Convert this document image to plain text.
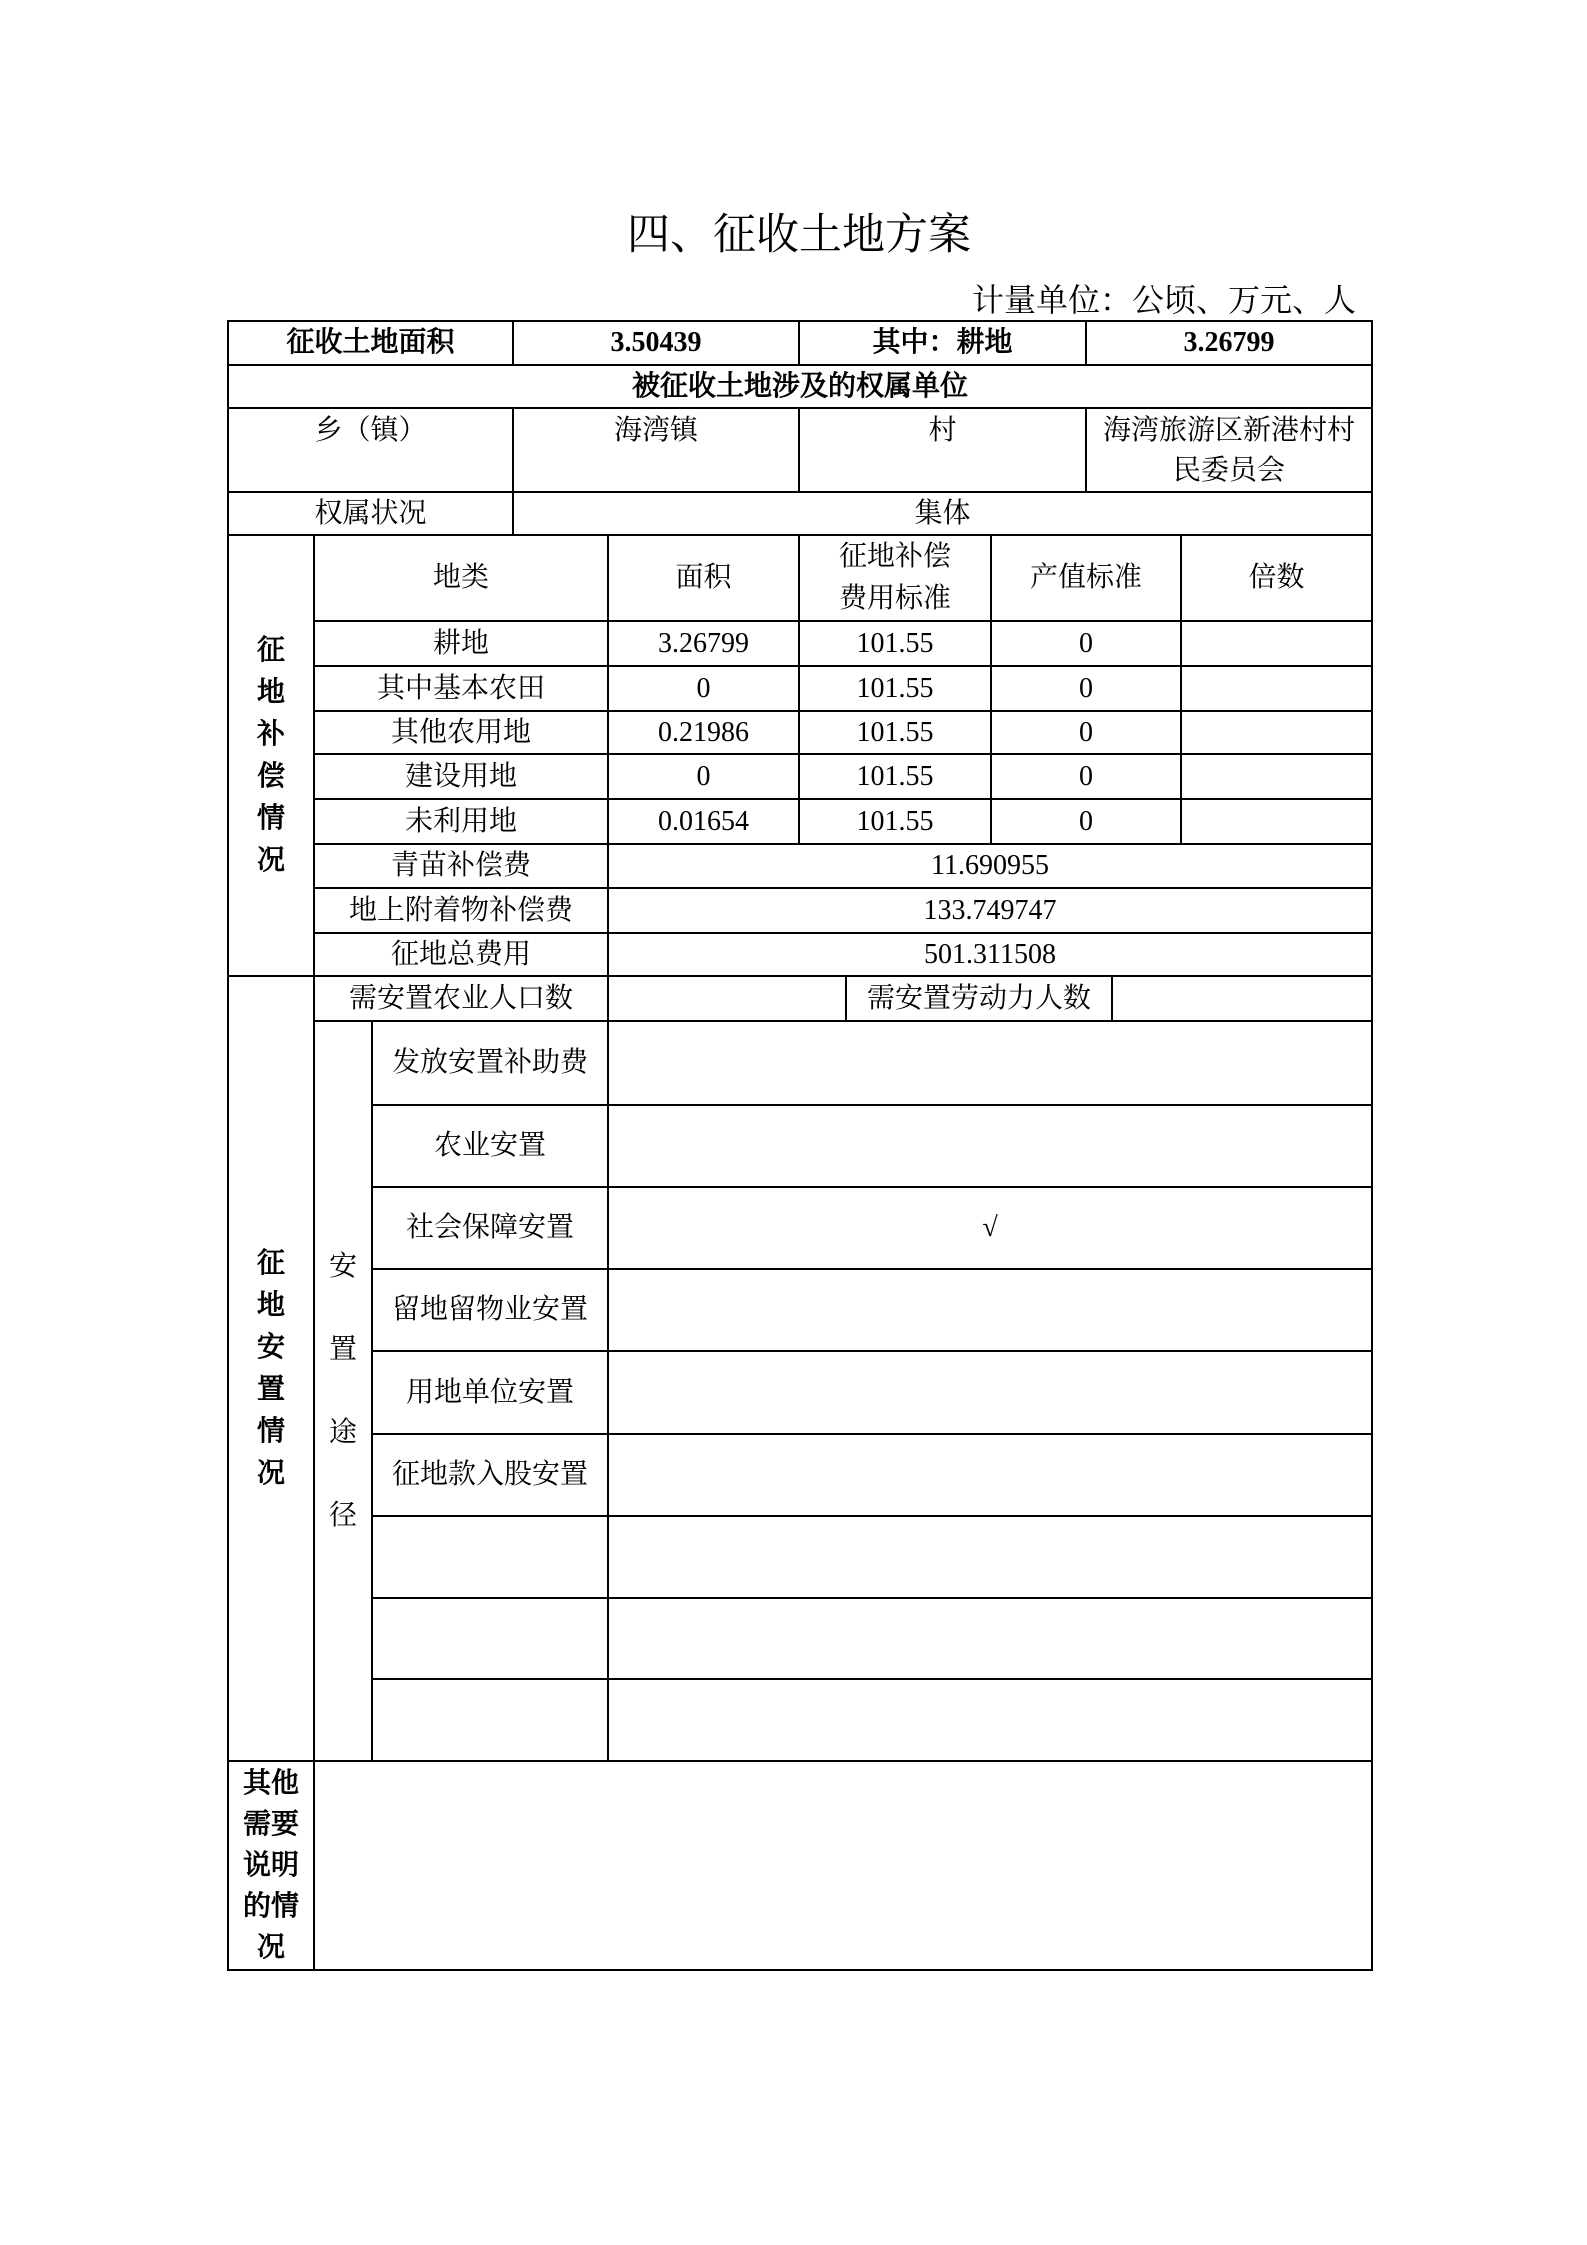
四、征收土地方案
计量单位：公顷、万元、人
征收土地面积			3.50439		其中：耕地			3.26799		
被征收土地涉及的权属单位										
乡（镇）			海湾镇		村			海湾旅游区新港村村民委员会		
权属状况			集体							

征地补偿情况	地类			面积	征地补偿费用标准		产值标准			倍数
	耕地			3.26799	101.55		0			
	其中基本农田			0	101.55		0			
	其他农用地			0.21986	101.55		0			
	建设用地			0	101.55		0			
	未利用地			0.01654	101.55		0			
	青苗补偿费			11.690955						
	地上附着物补偿费			133.749747						
	征地总费用			501.311508						

征地安置情况	需安置农业人口数					需安置劳动力人数				

	安置途径	发放安置补助费								
		农业安置								
		社会保障安置		√						
		留地留物业安置								
		用地单位安置								
		征地款入股安置								

其他需要说明的情况										
